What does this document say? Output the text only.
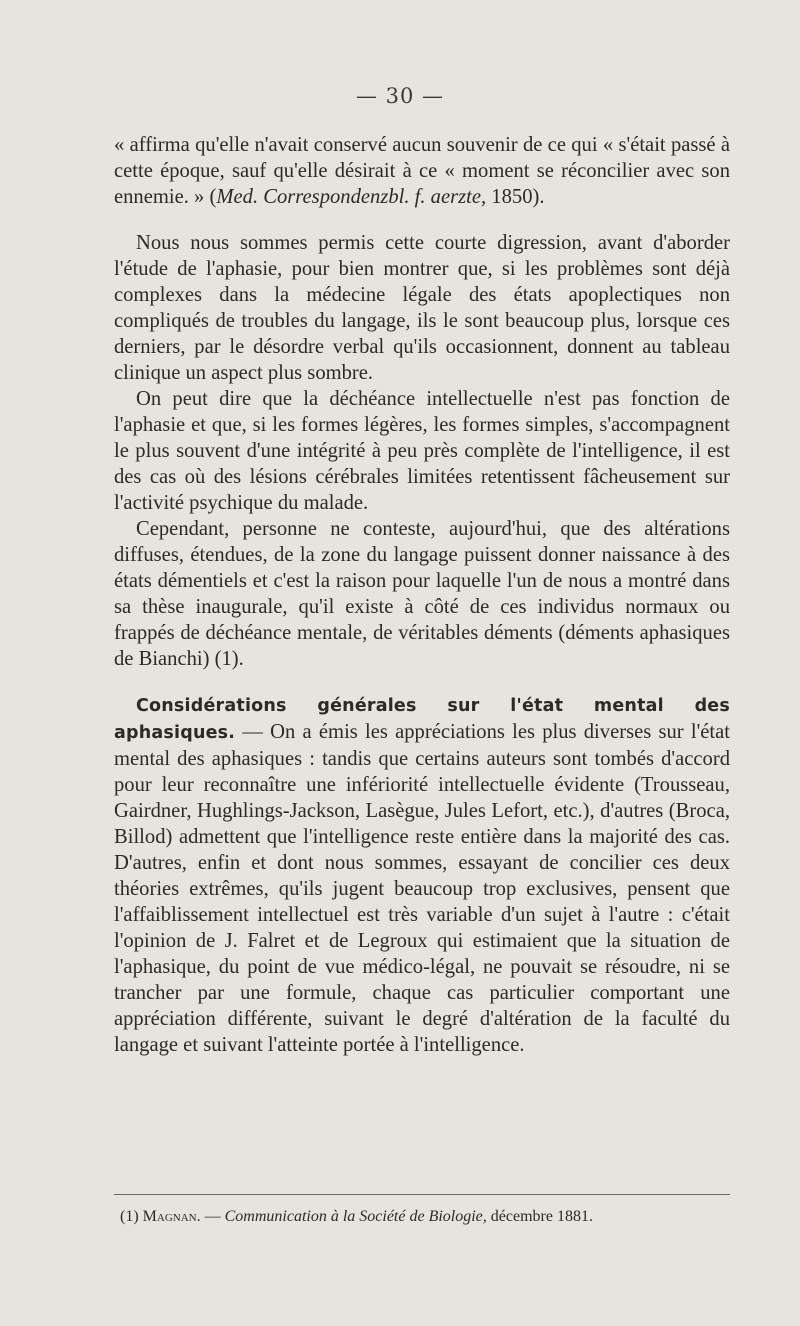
— 30 —

« affirma qu'elle n'avait conservé aucun souvenir de ce qui « s'était passé à cette époque, sauf qu'elle désirait à ce « moment se réconcilier avec son ennemie. » (Med. Correspondenzbl. f. aerzte, 1850).

Nous nous sommes permis cette courte digression, avant d'aborder l'étude de l'aphasie, pour bien montrer que, si les problèmes sont déjà complexes dans la médecine légale des états apoplectiques non compliqués de troubles du langage, ils le sont beaucoup plus, lorsque ces derniers, par le désordre verbal qu'ils occasionnent, donnent au tableau clinique un aspect plus sombre.

On peut dire que la déchéance intellectuelle n'est pas fonction de l'aphasie et que, si les formes légères, les formes simples, s'accompagnent le plus souvent d'une intégrité à peu près complète de l'intelligence, il est des cas où des lésions cérébrales limitées retentissent fâcheusement sur l'activité psychique du malade.

Cependant, personne ne conteste, aujourd'hui, que des altérations diffuses, étendues, de la zone du langage puissent donner naissance à des états démentiels et c'est la raison pour laquelle l'un de nous a montré dans sa thèse inaugurale, qu'il existe à côté de ces individus normaux ou frappés de déchéance mentale, de véritables déments (déments aphasiques de Bianchi) (1).

Considérations générales sur l'état mental des aphasiques. — On a émis les appréciations les plus diverses sur l'état mental des aphasiques : tandis que certains auteurs sont tombés d'accord pour leur reconnaître une infériorité intellectuelle évidente (Trousseau, Gairdner, Hughlings-Jackson, Lasègue, Jules Lefort, etc.), d'autres (Broca, Billod) admettent que l'intelligence reste entière dans la majorité des cas. D'autres, enfin et dont nous sommes, essayant de concilier ces deux théories extrêmes, qu'ils jugent beaucoup trop exclusives, pensent que l'affaiblissement intellectuel est très variable d'un sujet à l'autre : c'était l'opinion de J. Falret et de Legroux qui estimaient que la situation de l'aphasique, du point de vue médico-légal, ne pouvait se résoudre, ni se trancher par une formule, chaque cas particulier comportant une appréciation différente, suivant le degré d'altération de la faculté du langage et suivant l'atteinte portée à l'intelligence.

(1) Magnan. — Communication à la Société de Biologie, décembre 1881.
